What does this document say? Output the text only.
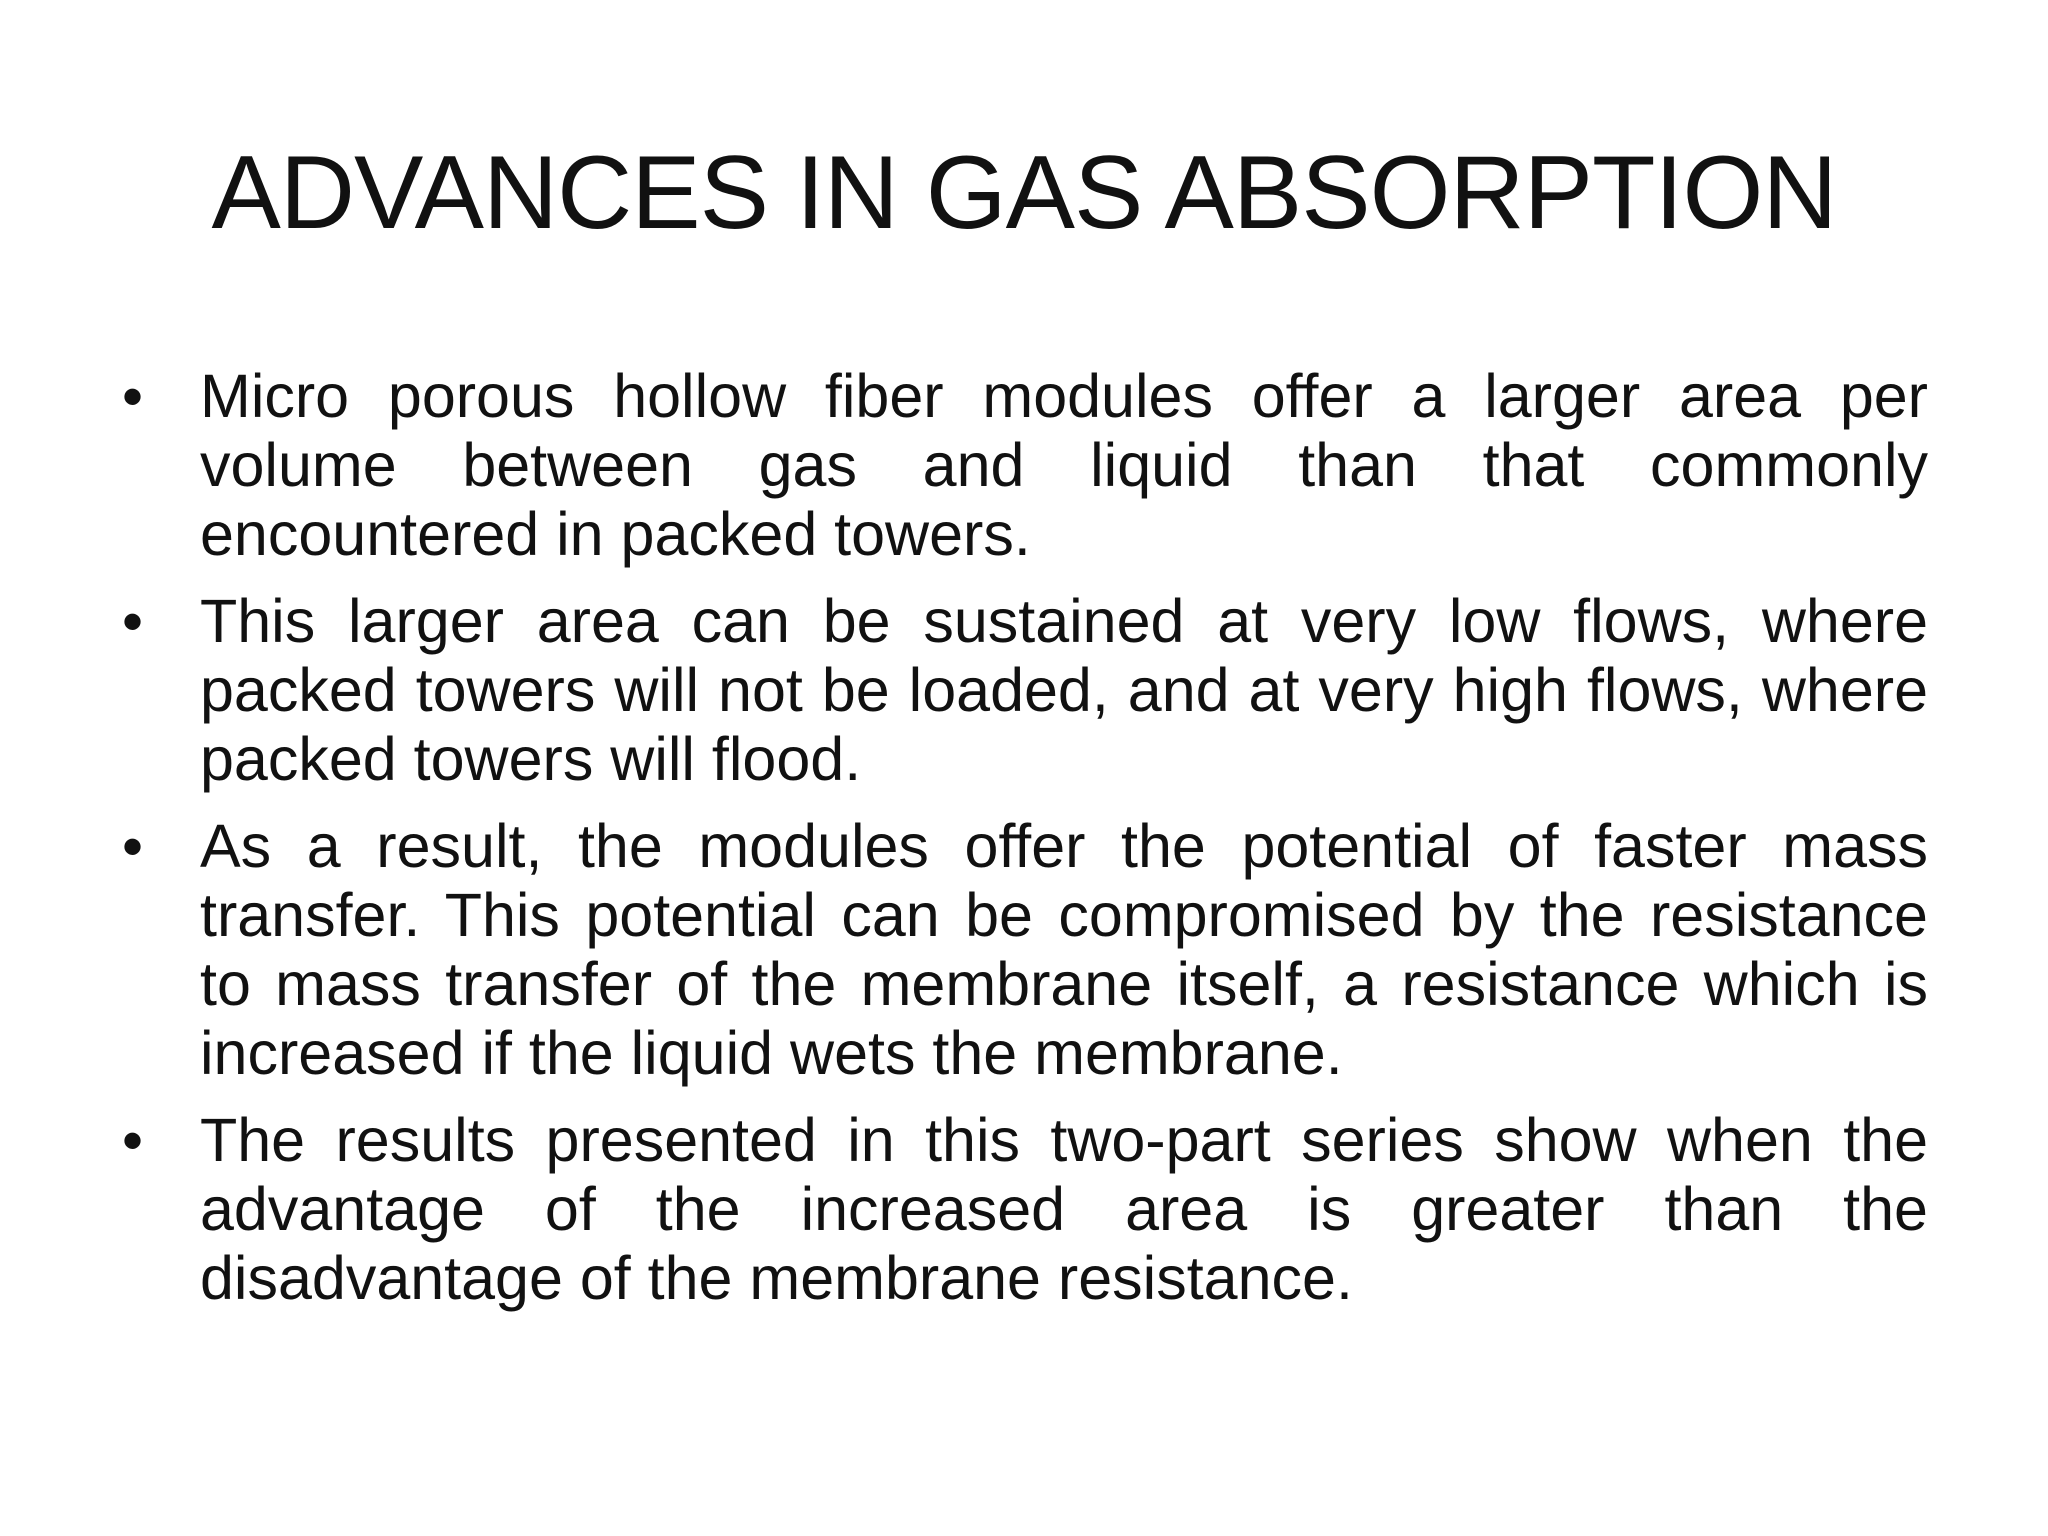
ADVANCES IN GAS ABSORPTION
• Micro porous hollow fiber modules offer a larger area per volume between gas and liquid than that commonly encountered in packed towers.
• This larger area can be sustained at very low flows, where packed towers will not be loaded, and at very high flows, where packed towers will flood.
• As a result, the modules offer the potential of faster mass transfer. This potential can be compromised by the resistance to mass transfer of the membrane itself, a resistance which is increased if the liquid wets the membrane.
• The results presented in this two-part series show when the advantage of the increased area is greater than the disadvantage of the membrane resistance.
